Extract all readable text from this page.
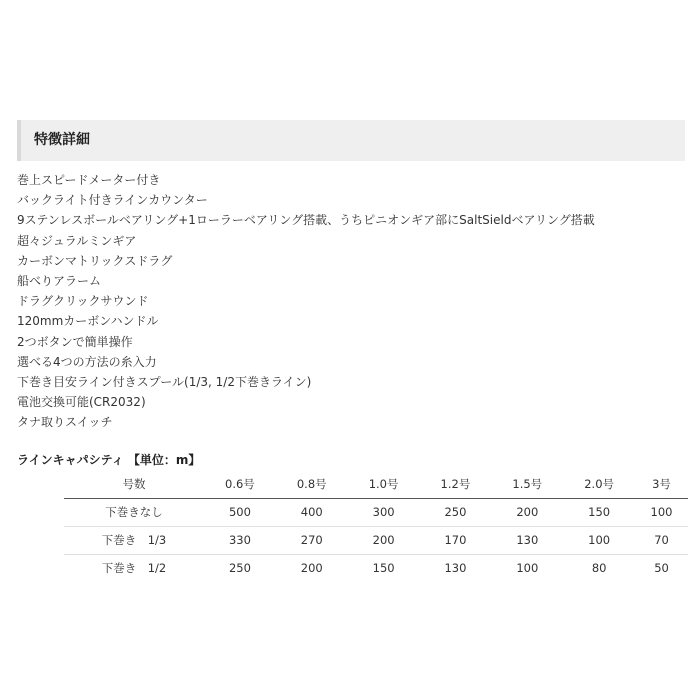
特徴詳細
巻上スピードメーター付き
バックライト付きラインカウンター
9ステンレスボールベアリング+1ローラーベアリング搭載、うちピニオンギア部にSaltSieldベアリング搭載
超々ジュラルミンギア
カーボンマトリックスドラグ
船べりアラーム
ドラグクリックサウンド
120mmカーボンハンドル
2つボタンで簡単操作
選べる4つの方法の糸入力
下巻き目安ライン付きスプール(1/3, 1/2下巻きライン)
電池交換可能(CR2032)
タナ取りスイッチ
ラインキャパシティ 【単位：m】
号数	0.6号	0.8号	1.0号	1.2号	1.5号	2.0号	3号
下巻きなし	500	400	300	250	200	150	100
下巻き　1/3	330	270	200	170	130	100	70
下巻き　1/2	250	200	150	130	100	80	50
